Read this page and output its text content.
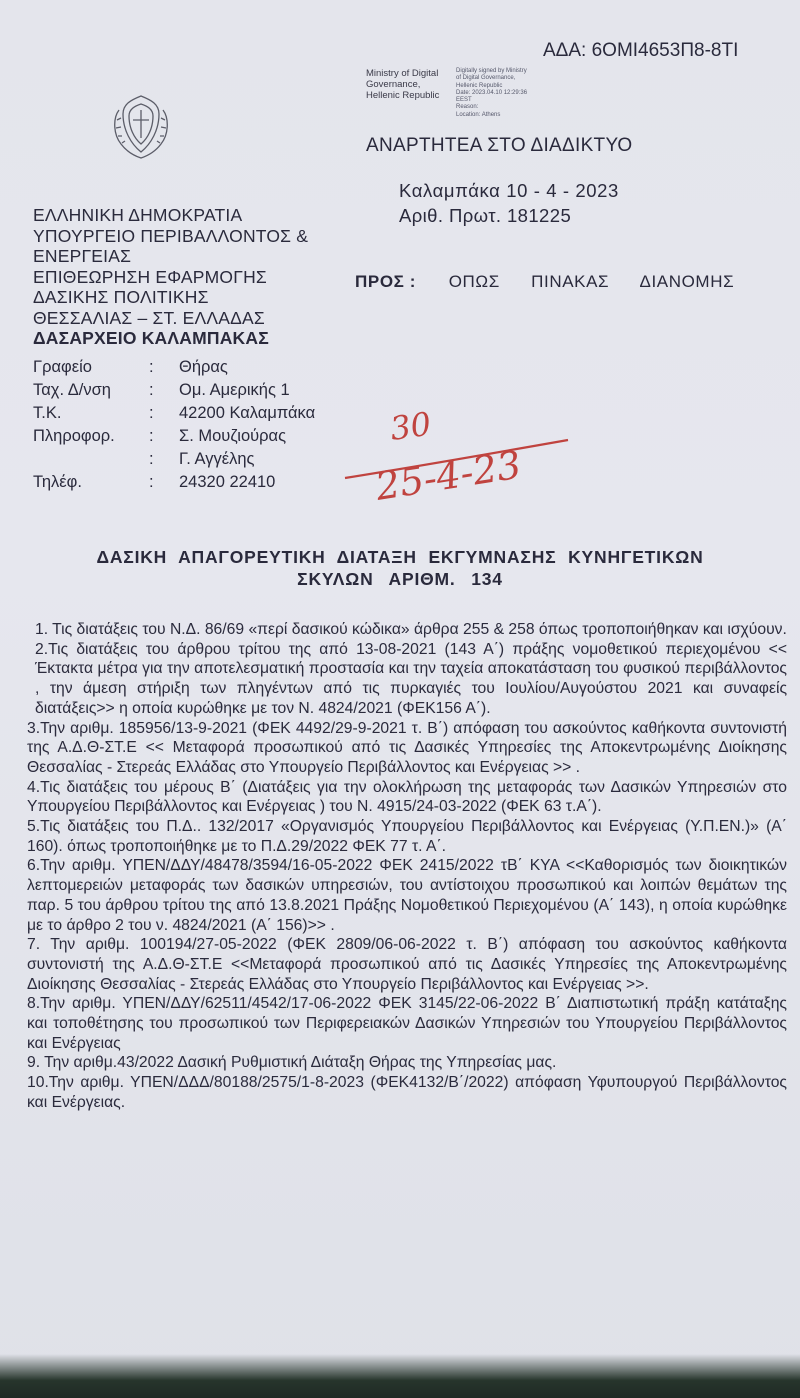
ΑΔΑ: 6ΟΜΙ4653Π8-8ΤΙ
Ministry of Digital
Governance,
Hellenic Republic
Digitally signed by Ministry
of Digital Governance,
Hellenic Republic
Date: 2023.04.10 12:29:36
EEST
Reason:
Location: Athens
ΑΝΑΡΤΗΤΕΑ ΣΤΟ ΔΙΑΔΙΚΤΥΟ
Καλαμπάκα 10 - 4 - 2023
Αριθ. Πρωτ. 181225
ΕΛΛΗΝΙΚΗ ΔΗΜΟΚΡΑΤΙΑ
ΥΠΟΥΡΓΕΙΟ ΠΕΡΙΒΑΛΛΟΝΤΟΣ &
ΕΝΕΡΓΕΙΑΣ
ΕΠΙΘΕΩΡΗΣΗ ΕΦΑΡΜΟΓΗΣ
ΔΑΣΙΚΗΣ ΠΟΛΙΤΙΚΗΣ
ΘΕΣΣΑΛΙΑΣ – ΣΤ. ΕΛΛΑΔΑΣ
ΔΑΣΑΡΧΕΙΟ ΚΑΛΑΜΠΑΚΑΣ
ΠΡΟΣ : ΟΠΩΣ ΠΙΝΑΚΑΣ ΔΙΑΝΟΜΗΣ
Γραφείο	: Θήρας
Ταχ. Δ/νση : Ομ. Αμερικής 1
Τ.Κ.	: 42200 Καλαμπάκα
Πληροφορ. : Σ. Μουζιούρας
: Γ. Αγγέλης
Τηλέφ.	: 24320 22410
30
25-4-23
ΔΑΣΙΚΗ ΑΠΑΓΟΡΕΥΤΙΚΗ ΔΙΑΤΑΞΗ ΕΚΓΥΜΝΑΣΗΣ ΚΥΝΗΓΕΤΙΚΩΝ
ΣΚΥΛΩΝ ΑΡΙΘΜ. 134

1. Τις διατάξεις του Ν.Δ. 86/69 «περί δασικού κώδικα» άρθρα 255 & 258 όπως τροποποιήθηκαν και ισχύουν.

2.Τις διατάξεις του άρθρου τρίτου της από 13-08-2021 (143 Α΄) πράξης νομοθετικού περιεχομένου << Έκτακτα μέτρα για την αποτελεσματική προστασία και την ταχεία αποκατάσταση του φυσικού περιβάλλοντος , την άμεση στήριξη των πληγέντων από τις πυρκαγιές του Ιουλίου/Αυγούστου 2021 και συναφείς διατάξεις>> η οποία κυρώθηκε με τον Ν. 4824/2021 (ΦΕΚ156 Α΄).

3.Την αριθμ. 185956/13-9-2021 (ΦΕΚ 4492/29-9-2021 τ. Β΄) απόφαση του ασκούντος καθήκοντα συντονιστή της Α.Δ.Θ-ΣΤ.Ε << Μεταφορά προσωπικού από τις Δασικές Υπηρεσίες της Αποκεντρωμένης Διοίκησης Θεσσαλίας - Στερεάς Ελλάδας στο Υπουργείο Περιβάλλοντος και Ενέργειας >> .

4.Τις διατάξεις του μέρους Β΄ (Διατάξεις για την ολοκλήρωση της μεταφοράς των Δασικών Υπηρεσιών στο Υπουργείου Περιβάλλοντος και Ενέργειας ) του Ν. 4915/24-03-2022 (ΦΕΚ 63 τ.Α΄).

5.Τις διατάξεις του Π.Δ.. 132/2017 «Οργανισμός Υπουργείου Περιβάλλοντος και Ενέργειας (Υ.Π.ΕΝ.)» (Α΄ 160). όπως τροποποιήθηκε με το Π.Δ.29/2022 ΦΕΚ 77 τ. Α΄.

6.Την αριθμ. ΥΠΕΝ/ΔΔΥ/48478/3594/16-05-2022 ΦΕΚ 2415/2022 τΒ΄ ΚΥΑ <<Καθορισμός των διοικητικών λεπτομερειών μεταφοράς των δασικών υπηρεσιών, του αντίστοιχου προσωπικού και λοιπών θεμάτων της παρ. 5 του άρθρου τρίτου της από 13.8.2021 Πράξης Νομοθετικού Περιεχομένου (Α΄ 143), η οποία κυρώθηκε με το άρθρο 2 του ν. 4824/2021 (Α΄ 156)>> .

7. Την αριθμ. 100194/27-05-2022 (ΦΕΚ 2809/06-06-2022 τ. Β΄) απόφαση του ασκούντος καθήκοντα συντονιστή της Α.Δ.Θ-ΣΤ.Ε <<Μεταφορά προσωπικού από τις Δασικές Υπηρεσίες της Αποκεντρωμένης Διοίκησης Θεσσαλίας - Στερεάς Ελλάδας στο Υπουργείο Περιβάλλοντος και Ενέργειας >>.

8.Την αριθμ. ΥΠΕΝ/ΔΔΥ/62511/4542/17-06-2022 ΦΕΚ 3145/22-06-2022 Β΄ Διαπιστωτική πράξη κατάταξης και τοποθέτησης του προσωπικού των Περιφερειακών Δασικών Υπηρεσιών του Υπουργείου Περιβάλλοντος και Ενέργειας

9. Την αριθμ.43/2022 Δασική Ρυθμιστική Διάταξη Θήρας της Υπηρεσίας μας.

10.Την αριθμ. ΥΠΕΝ/ΔΔΔ/80188/2575/1-8-2023 (ΦΕΚ4132/Β΄/2022) απόφαση Υφυπουργού Περιβάλλοντος και Ενέργειας.
